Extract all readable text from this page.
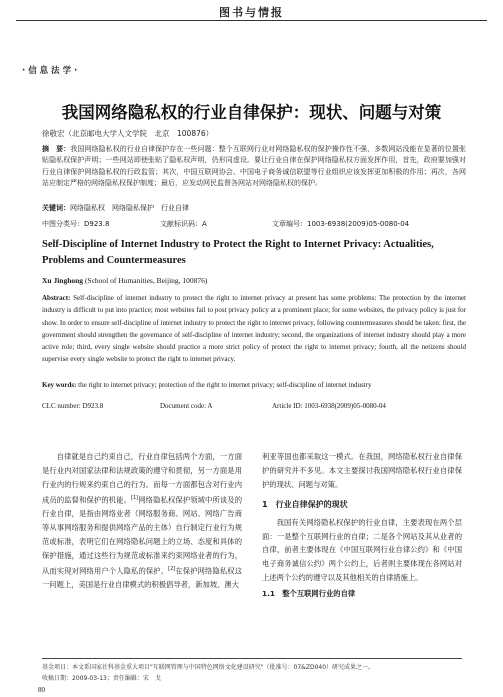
图书与情报
· 信 息 法 学 ·
我国网络隐私权的行业自律保护：现状、问题与对策
徐敬宏（北京邮电大学人文学院　北京　100876）
摘　要：我国网络隐私权的行业自律保护存在一些问题：整个互联网行业对网络隐私权的保护操作性不强，多数网站没能在显著的位置张贴隐私权保护声明；一些网站即使张贴了隐私权声明，仍形同虚设。要让行业自律在保护网络隐私权方面发挥作用，首先，政府要加强对行业自律保护网络隐私权的行政监管；其次，中国互联网协会、中国电子商务诚信联盟等行业组织应该发挥更加积极的作用；再次，各网站应制定严格的网络隐私权保护制度；最后，应发动网民监督各网站对网络隐私权的保护。
关键词：网络隐私权　网络隐私保护　行业自律
中图分类号：D923.8	文献标识码：A	文章编号：1003-6938(2009)05-0080-04
Self-Discipline of Internet Industry to Protect the Right to Internet Privacy: Actualities, Problems and Countermeasures
Xu Jinghong (School of Humanities, Beijing, 100876)
Abstract: Self-discipline of internet industry to protect the right to internet privacy at present has some problems: The protection by the internet industry is difficult to put into practice; most websites fail to post privacy policy at a prominent place; for some websites, the privacy policy is just for show. In order to ensure self-discipline of internet industry to protect the right to internet privacy, following countermeasures should be taken: first, the government should strengthen the governance of self-discipline of internet industry; second, the organizations of internet industry should play a more active role; third, every single website should practice a more strict policy of protect the right to internet privacy; fourth, all the netizens should supervise every single website to protect the right to internet privacy.
Key words: the right to internet privacy; protection of the right to internet privacy; self-discipline of internet industry
CLC number: D923.8	Document code: A	Article ID: 1003-6938(2009)05-0080-04

自律就是自己约束自己，行业自律包括两个方面，一方面是行业内对国家法律和法规政策的遵守和贯彻，另一方面是用行业内的行规来约束自己的行为。而每一方面都包含对行业内成员的监督和保护的机能。[1]网络隐私权保护领域中所谈及的行业自律，是指由网络业者（网络服务商、网站、网络广告商等从事网络服务和提供网络产品的主体）自行制定行业行为规范或标准，表明它们在网络隐私问题上的立场、态度和具体的保护措施，通过这些行为规范或标准来约束网络业者的行为，从而实现对网络用户个人隐私的保护。[2]在保护网络隐私权这一问题上，美国是行业自律模式的积极倡导者，新加坡、澳大

利亚等国也都采取这一模式。在我国，网络隐私权行业自律保护的研究并不多见。本文主要探讨我国网络隐私权行业自律保护的现状、问题与对策。

1　行业自律保护的现状

我国有关网络隐私权保护的行业自律，主要表现在两个层面：一是整个互联网行业的自律；二是各个网站及其从业者的自律，前者主要体现在《中国互联网行业自律公约》和《中国电子商务诚信公约》两个公约上，后者则主要体现在各网站对上述两个公约的遵守以及其他相关的自律措施上。

1.1　整个互联网行业的自律
基金项目：本文系国家社科基金重大项目"互联网管理与中国特色网络文化建设研究"（批准号：07&ZD040）研究成果之一。
收稿日期：2009-03-13；责任编辑：宋　戈
80
